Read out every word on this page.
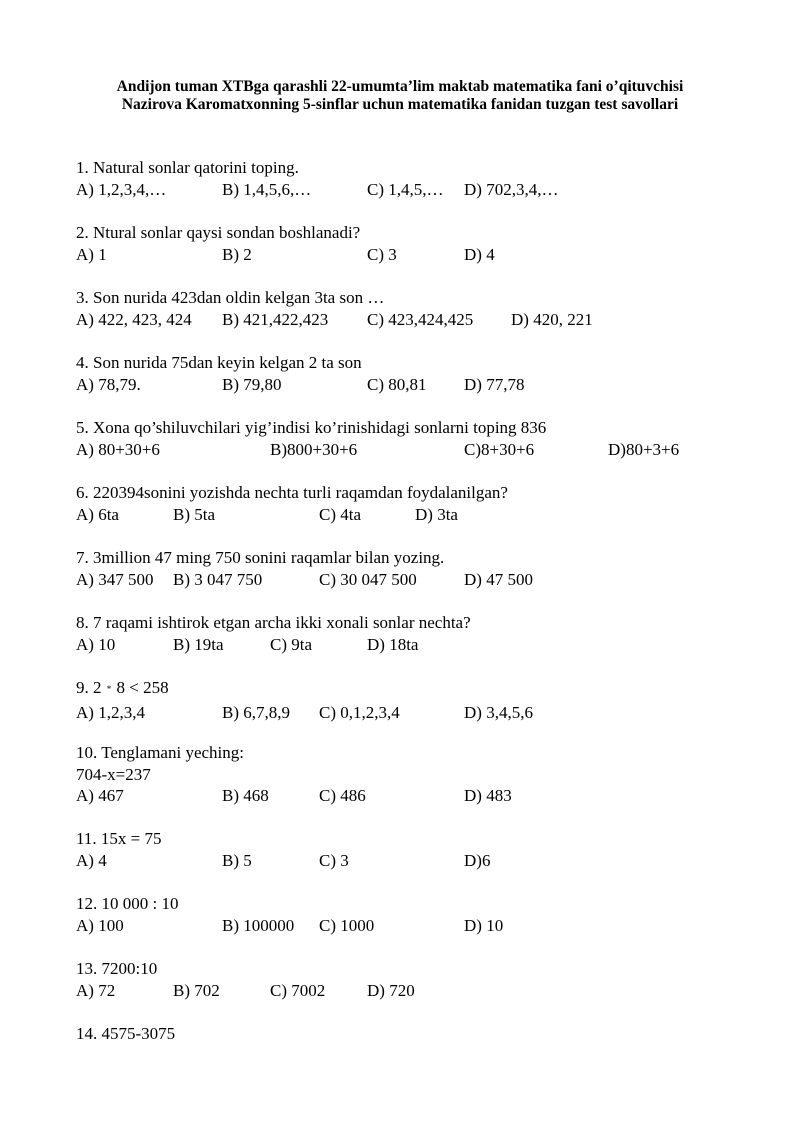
Andijon tuman XTBga qarashli 22-umumta’lim maktab matematika fani o’qituvchisi
Nazirova Karomatxonning 5-sinflar uchun matematika fanidan tuzgan test savollari
1. Natural sonlar qatorini toping.
A) 1,2,3,4,…	B) 1,4,5,6,…	C) 1,4,5,… D) 702,3,4,…
2. Ntural sonlar qaysi sondan boshlanadi?
A) 1	B) 2	C) 3	D) 4
3. Son nurida 423dan oldin kelgan 3ta son …
A) 422, 423, 424 B) 421,422,423 C) 423,424,425 D) 420, 221
4. Son nurida 75dan keyin kelgan 2 ta son
A) 78,79.	B) 79,80	C) 80,81 D) 77,78
5. Xona qo’shiluvchilari yig’indisi ko’rinishidagi sonlarni toping 836
A) 80+30+6	B)800+30+6	C)8+30+6	D)80+3+6
6. 220394sonini yozishda nechta turli raqamdan foydalanilgan?
A) 6ta	B) 5ta	C) 4ta	D) 3ta
7. 3million 47 ming 750 sonini raqamlar bilan yozing.
A) 347 500 B) 3 047 750	C) 30 047 500	D) 47 500
8. 7 raqami ishtirok etgan archa ikki xonali sonlar nechta?
A) 10	B) 19ta	C) 9ta	D) 18ta
9. 2 * 8 < 258
A) 1,2,3,4	B) 6,7,8,9 C) 0,1,2,3,4	D) 3,4,5,6
10. Tenglamani yeching:
704-x=237
A) 467	B) 468	C) 486	D) 483
11. 15x = 75
A) 4	B) 5	C) 3	D)6
12. 10 000 : 10
A) 100	B) 100000 C) 1000	D) 10
13. 7200:10
A) 72	B) 702	C) 7002 D) 720
14. 4575-3075
